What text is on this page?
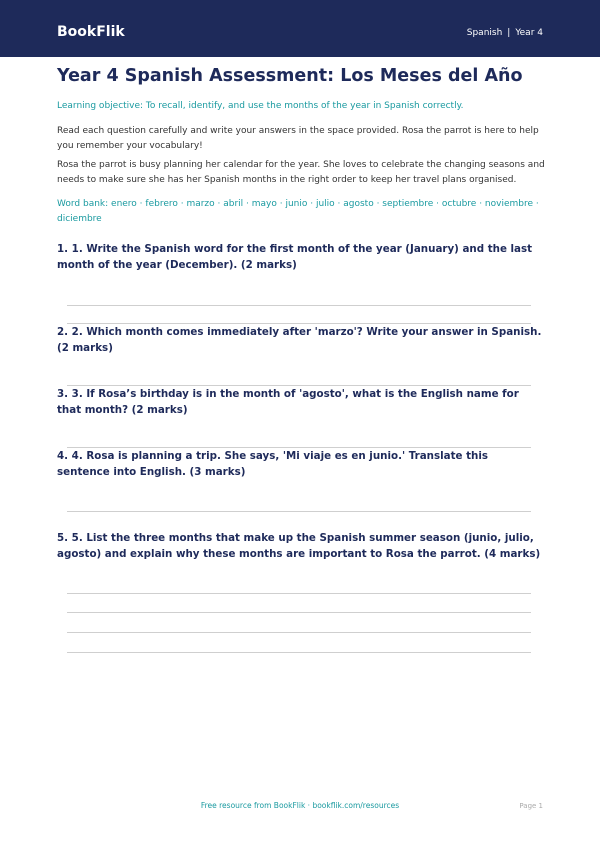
BookFlik	Spanish | Year 4
Year 4 Spanish Assessment: Los Meses del Año
Learning objective: To recall, identify, and use the months of the year in Spanish correctly.
Read each question carefully and write your answers in the space provided. Rosa the parrot is here to help you remember your vocabulary!
Rosa the parrot is busy planning her calendar for the year. She loves to celebrate the changing seasons and needs to make sure she has her Spanish months in the right order to keep her travel plans organised.
Word bank: enero · febrero · marzo · abril · mayo · junio · julio · agosto · septiembre · octubre · noviembre · diciembre
1. 1. Write the Spanish word for the first month of the year (January) and the last month of the year (December). (2 marks)
2. 2. Which month comes immediately after 'marzo'? Write your answer in Spanish. (2 marks)
3. 3. If Rosa’s birthday is in the month of 'agosto', what is the English name for that month? (2 marks)
4. 4. Rosa is planning a trip. She says, 'Mi viaje es en junio.' Translate this sentence into English. (3 marks)
5. 5. List the three months that make up the Spanish summer season (junio, julio, agosto) and explain why these months are important to Rosa the parrot. (4 marks)
Free resource from BookFlik · bookflik.com/resources	Page 1
